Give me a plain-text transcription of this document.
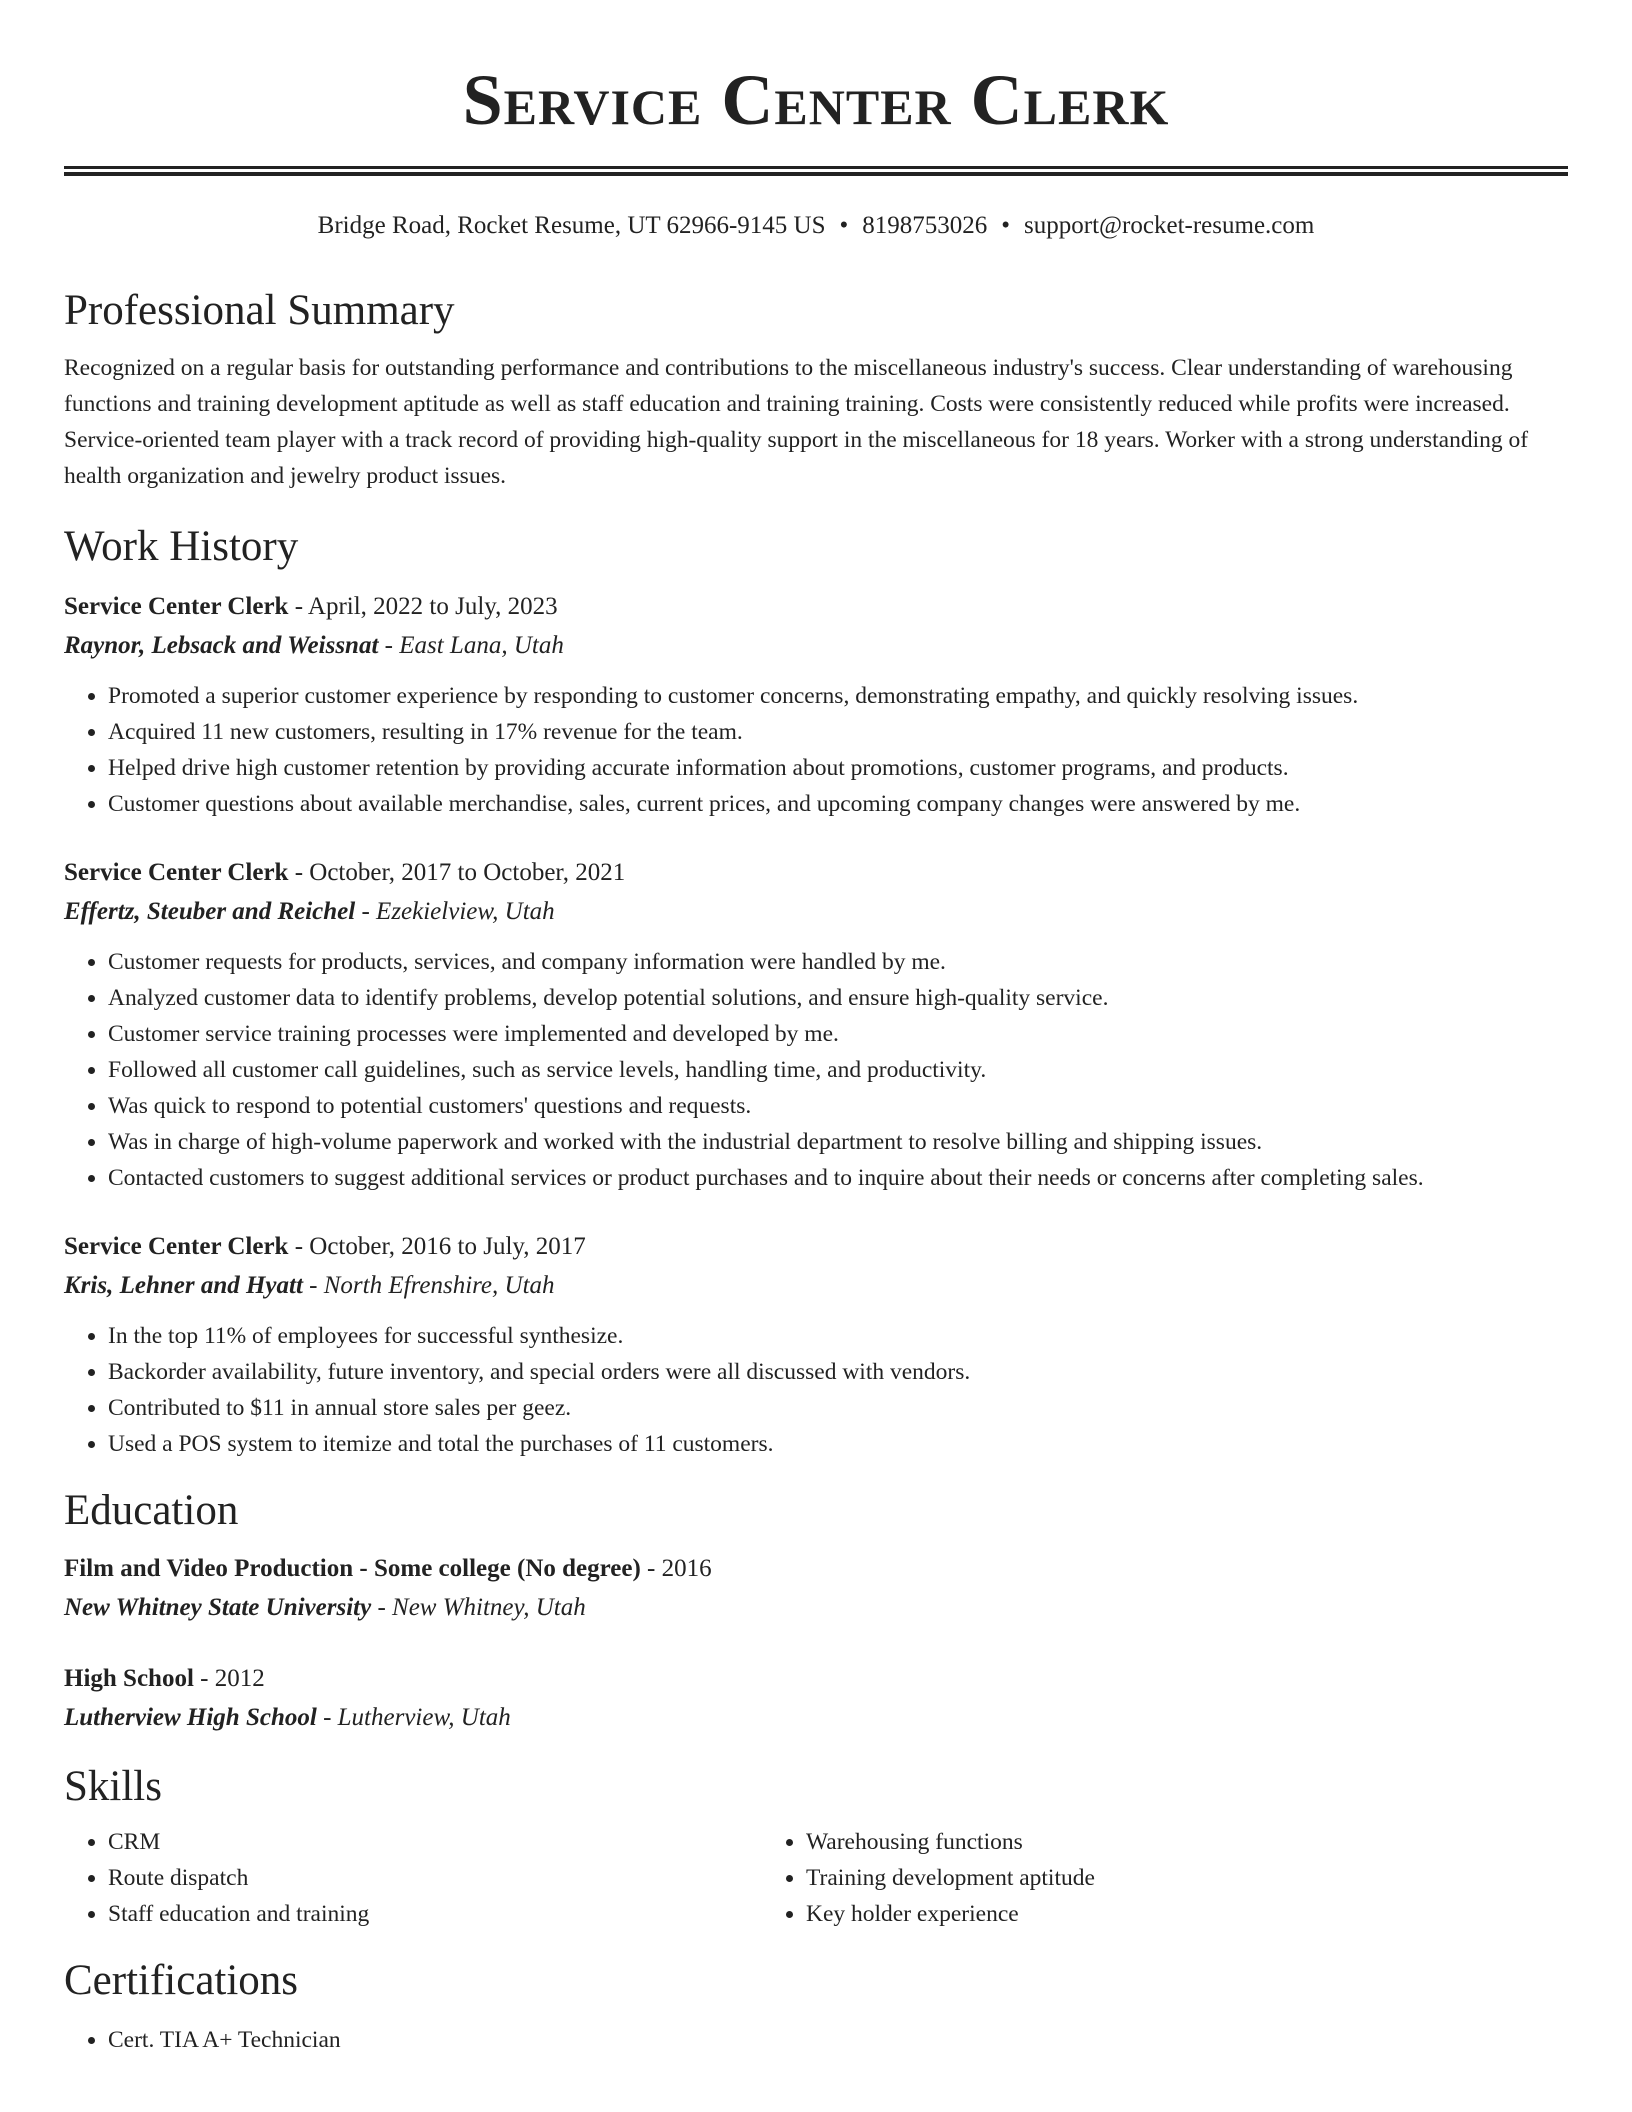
Service Center Clerk
Bridge Road, Rocket Resume, UT 62966-9145 US • 8198753026 • support@rocket-resume.com
Professional Summary

Recognized on a regular basis for outstanding performance and contributions to the miscellaneous industry's success. Clear understanding of warehousing functions and training development aptitude as well as staff education and training training. Costs were consistently reduced while profits were increased. Service-oriented team player with a track record of providing high-quality support in the miscellaneous for 18 years. Worker with a strong understanding of health organization and jewelry product issues.

Work History
Service Center Clerk - April, 2022 to July, 2023
Raynor, Lebsack and Weissnat - East Lana, Utah
• Promoted a superior customer experience by responding to customer concerns, demonstrating empathy, and quickly resolving issues.
• Acquired 11 new customers, resulting in 17% revenue for the team.
• Helped drive high customer retention by providing accurate information about promotions, customer programs, and products.
• Customer questions about available merchandise, sales, current prices, and upcoming company changes were answered by me.
Service Center Clerk - October, 2017 to October, 2021
Effertz, Steuber and Reichel - Ezekielview, Utah
• Customer requests for products, services, and company information were handled by me.
• Analyzed customer data to identify problems, develop potential solutions, and ensure high-quality service.
• Customer service training processes were implemented and developed by me.
• Followed all customer call guidelines, such as service levels, handling time, and productivity.
• Was quick to respond to potential customers' questions and requests.
• Was in charge of high-volume paperwork and worked with the industrial department to resolve billing and shipping issues.
• Contacted customers to suggest additional services or product purchases and to inquire about their needs or concerns after completing sales.
Service Center Clerk - October, 2016 to July, 2017
Kris, Lehner and Hyatt - North Efrenshire, Utah
• In the top 11% of employees for successful synthesize.
• Backorder availability, future inventory, and special orders were all discussed with vendors.
• Contributed to $11 in annual store sales per geez.
• Used a POS system to itemize and total the purchases of 11 customers.
Education
Film and Video Production - Some college (No degree) - 2016
New Whitney State University - New Whitney, Utah
High School - 2012
Lutherview High School - Lutherview, Utah
Skills
• CRM
• Route dispatch
• Staff education and training
• Warehousing functions
• Training development aptitude
• Key holder experience
Certifications
• Cert. TIA A+ Technician
